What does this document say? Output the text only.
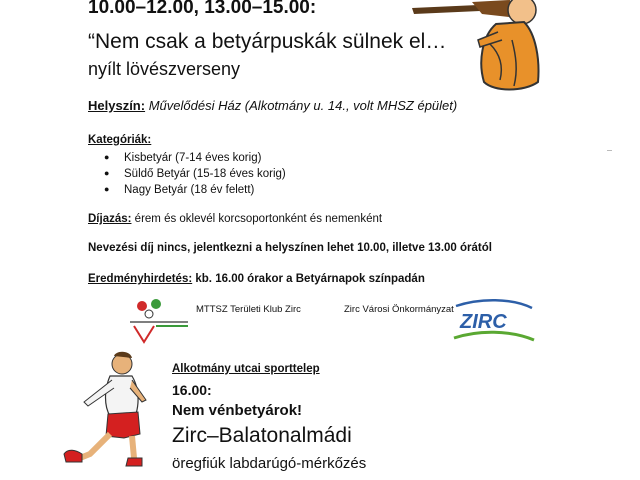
10.00–12.00, 13.00–15.00:
“Nem csak a betyárpuskák sülnek el…
nyílt lövészverseny
Helyszín: Művelődési Ház (Alkotmány u. 14., volt MHSZ épület)
Kategóriák:
● Kisbetyár (7-14 éves korig)
● Süldő Betyár (15-18 éves korig)
● Nagy Betyár (18 év felett)
Díjazás: érem és oklevél korcsoportonként és nemenként
Nevezési díj nincs, jelentkezni a helyszínen lehet 10.00, illetve 13.00 órától
Eredményhirdetés: kb. 16.00 órakor a Betyárnapok színpadán
MTTSZ Területi Klub Zirc	Zirc Városi Önkormányzat
ZIRC
Alkotmány utcai sporttelep
16.00:
Nem vénbetyárok!
Zirc–Balatonalmádi
öregfiúk labdarúgó-mérkőzés
